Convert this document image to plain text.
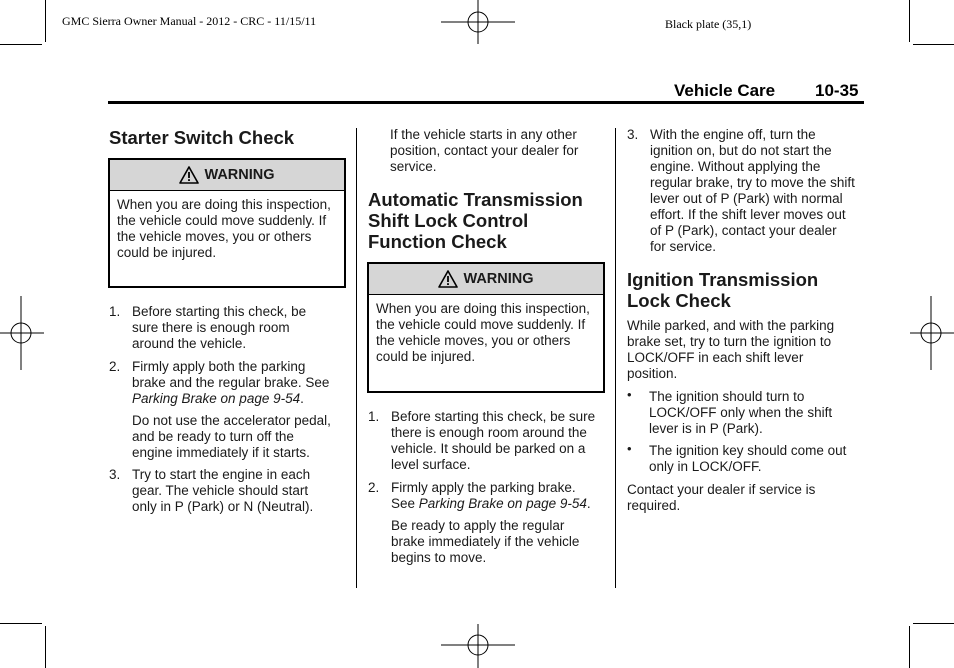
GMC Sierra Owner Manual - 2012 - CRC - 11/15/11	Black plate (35,1)
Vehicle Care 10-35
Starter Switch Check
WARNING
When you are doing this inspection, the vehicle could move suddenly. If the vehicle moves, you or others could be injured.
1. Before starting this check, be sure there is enough room around the vehicle.

2. Firmly apply both the parking brake and the regular brake. See Parking Brake on page 9-54.

Do not use the accelerator pedal, and be ready to turn off the engine immediately if it starts.

3. Try to start the engine in each gear. The vehicle should start only in P (Park) or N (Neutral).

If the vehicle starts in any other position, contact your dealer for service.

Automatic Transmission Shift Lock Control Function Check
WARNING
When you are doing this inspection, the vehicle could move suddenly. If the vehicle moves, you or others could be injured.
1. Before starting this check, be sure there is enough room around the vehicle. It should be parked on a level surface.

2. Firmly apply the parking brake. See Parking Brake on page 9-54.

Be ready to apply the regular brake immediately if the vehicle begins to move.

3. With the engine off, turn the ignition on, but do not start the engine. Without applying the regular brake, try to move the shift lever out of P (Park) with normal effort. If the shift lever moves out of P (Park), contact your dealer for service.

Ignition Transmission Lock Check

While parked, and with the parking brake set, try to turn the ignition to LOCK/OFF in each shift lever position.

• The ignition should turn to LOCK/OFF only when the shift lever is in P (Park).
• The ignition key should come out only in LOCK/OFF.

Contact your dealer if service is required.
